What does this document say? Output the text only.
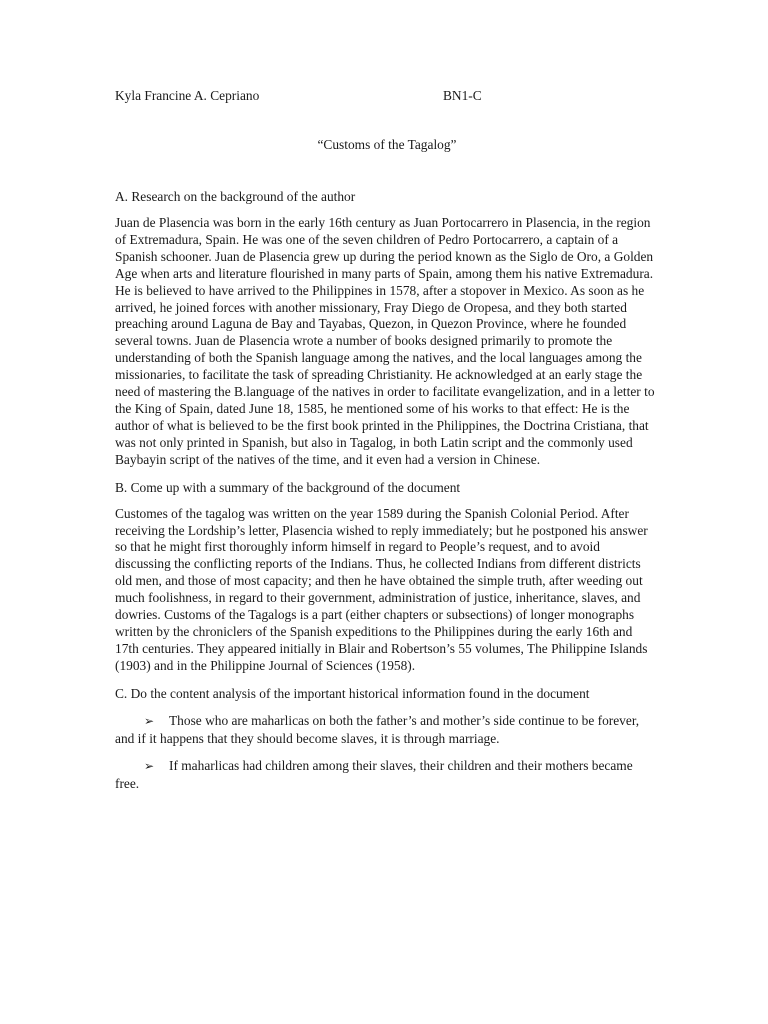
Kyla Francine A. Cepriano	BN1-C
“Customs of the Tagalog”
A. Research on the background of the author

Juan de Plasencia was born in the early 16th century as Juan Portocarrero in Plasencia, in the region of Extremadura, Spain. He was one of the seven children of Pedro Portocarrero, a captain of a Spanish schooner. Juan de Plasencia grew up during the period known as the Siglo de Oro, a Golden Age when arts and literature flourished in many parts of Spain, among them his native Extremadura. He is believed to have arrived to the Philippines in 1578, after a stopover in Mexico. As soon as he arrived, he joined forces with another missionary, Fray Diego de Oropesa, and they both started preaching around Laguna de Bay and Tayabas, Quezon, in Quezon Province, where he founded several towns. Juan de Plasencia wrote a number of books designed primarily to promote the understanding of both the Spanish language among the natives, and the local languages among the missionaries, to facilitate the task of spreading Christianity. He acknowledged at an early stage the need of mastering the B.language of the natives in order to facilitate evangelization, and in a letter to the King of Spain, dated June 18, 1585, he mentioned some of his works to that effect: He is the author of what is believed to be the first book printed in the Philippines, the Doctrina Cristiana, that was not only printed in Spanish, but also in Tagalog, in both Latin script and the commonly used Baybayin script of the natives of the time, and it even had a version in Chinese.

B. Come up with a summary of the background of the document

Customes of the tagalog was written on the year 1589 during the Spanish Colonial Period. After receiving the Lordship’s letter, Plasencia wished to reply immediately; but he postponed his answer so that he might first thoroughly inform himself in regard to People’s request, and to avoid discussing the conflicting reports of the Indians. Thus, he collected Indians from different districts old men, and those of most capacity; and then he have obtained the simple truth, after weeding out much foolishness, in regard to their government, administration of justice, inheritance, slaves, and dowries. Customs of the Tagalogs is a part (either chapters or subsections) of longer monographs written by the chroniclers of the Spanish expeditions to the Philippines during the early 16th and 17th centuries. They appeared initially in Blair and Robertson’s 55 volumes, The Philippine Islands (1903) and in the Philippine Journal of Sciences (1958).

C. Do the content analysis of the important historical information found in the document
➢ Those who are maharlicas on both the father’s and mother’s side continue to be forever, and if it happens that they should become slaves, it is through marriage.
➢ If maharlicas had children among their slaves, their children and their mothers became free.
